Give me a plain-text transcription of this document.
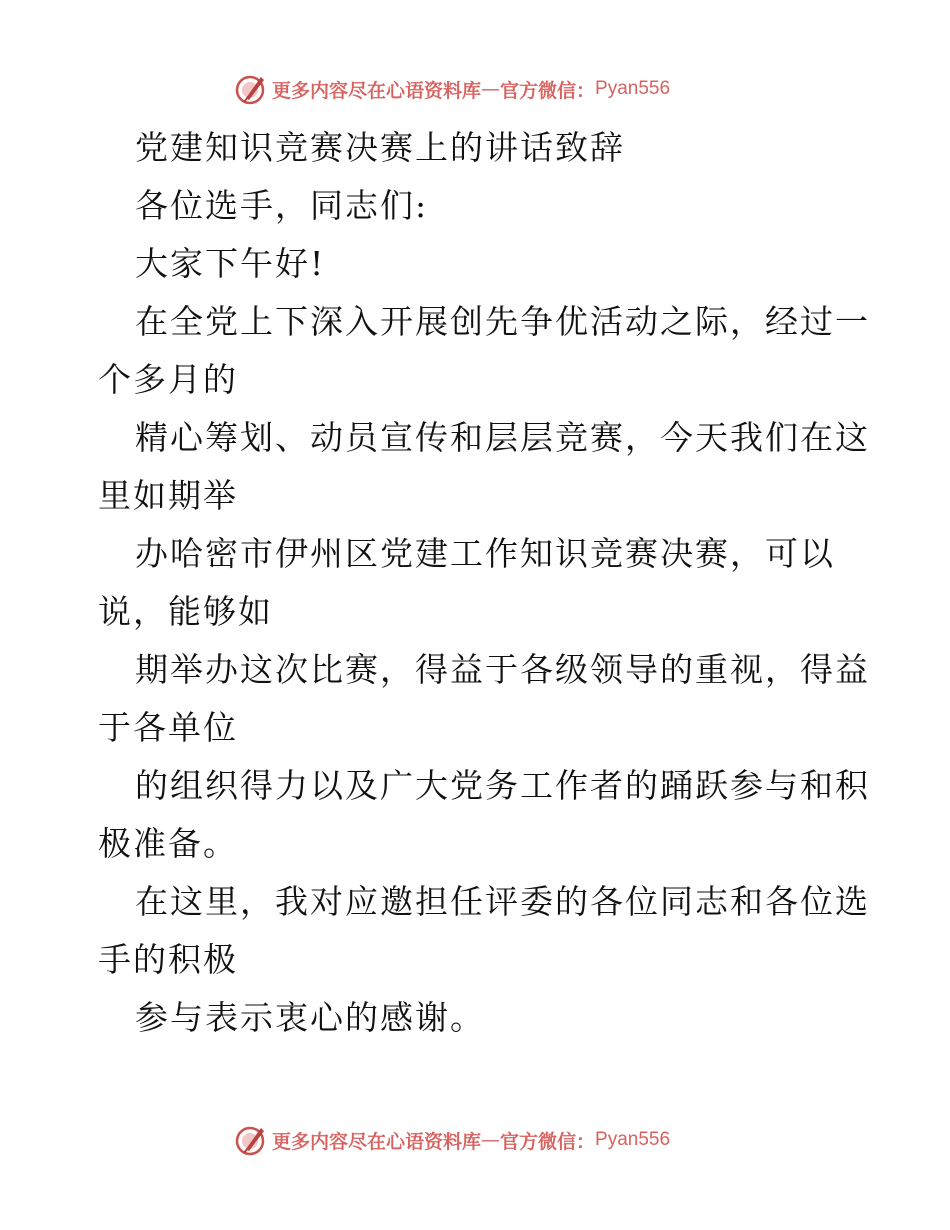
更多内容尽在心语资料库 — 官方微信： Pyan556
党建知识竞赛决赛上的讲话致辞
各位选手，同志们:
大家下午好!
在全党上下深入开展创先争优活动之际，经过一
个多月的
精心筹划、动员宣传和层层竞赛，今天我们在这
里如期举
办哈密市伊州区党建工作知识竞赛决赛，可以
说，能够如
期举办这次比赛，得益于各级领导的重视，得益
于各单位
的组织得力以及广大党务工作者的踊跃参与和积
极准备。
在这里，我对应邀担任评委的各位同志和各位选
手的积极
参与表示衷心的感谢。
更多内容尽在心语资料库 — 官方微信： Pyan556
